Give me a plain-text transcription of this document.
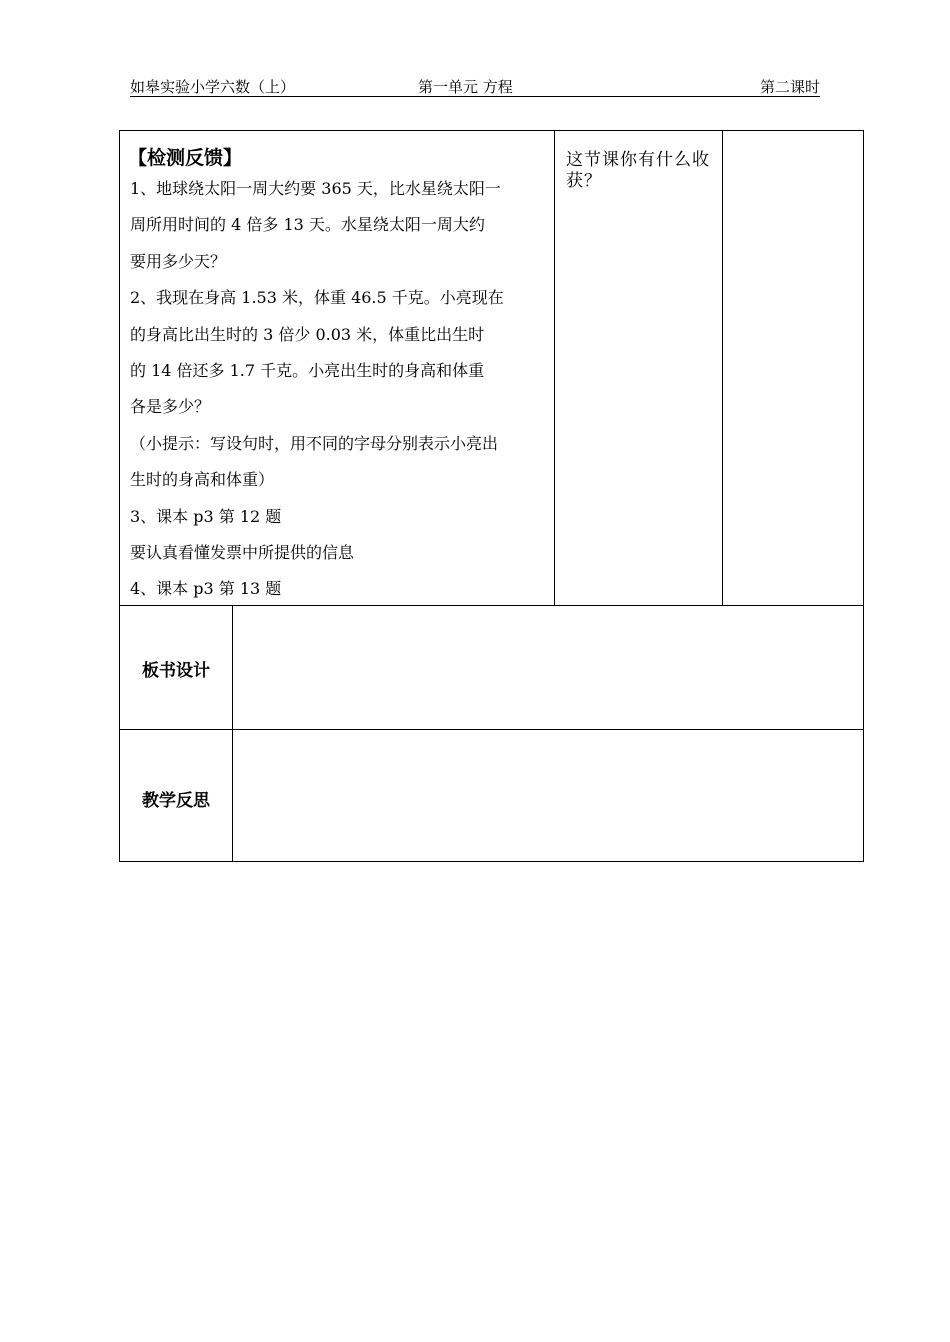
如皋实验小学六数（上）	第一单元 方程	第二课时
【检测反馈】
1、地球绕太阳一周大约要 365 天，比水星绕太阳一
周所用时间的 4 倍多 13 天。水星绕太阳一周大约
要用多少天？
2、我现在身高 1.53 米，体重 46.5 千克。小亮现在
的身高比出生时的 3 倍少 0.03 米，体重比出生时
的 14 倍还多 1.7 千克。小亮出生时的身高和体重
各是多少？
（小提示：写设句时，用不同的字母分别表示小亮出
生时的身高和体重）
3、课本 p3 第 12 题
要认真看懂发票中所提供的信息
4、课本 p3 第 13 题
这节课你有什么收获？
板书设计
教学反思
